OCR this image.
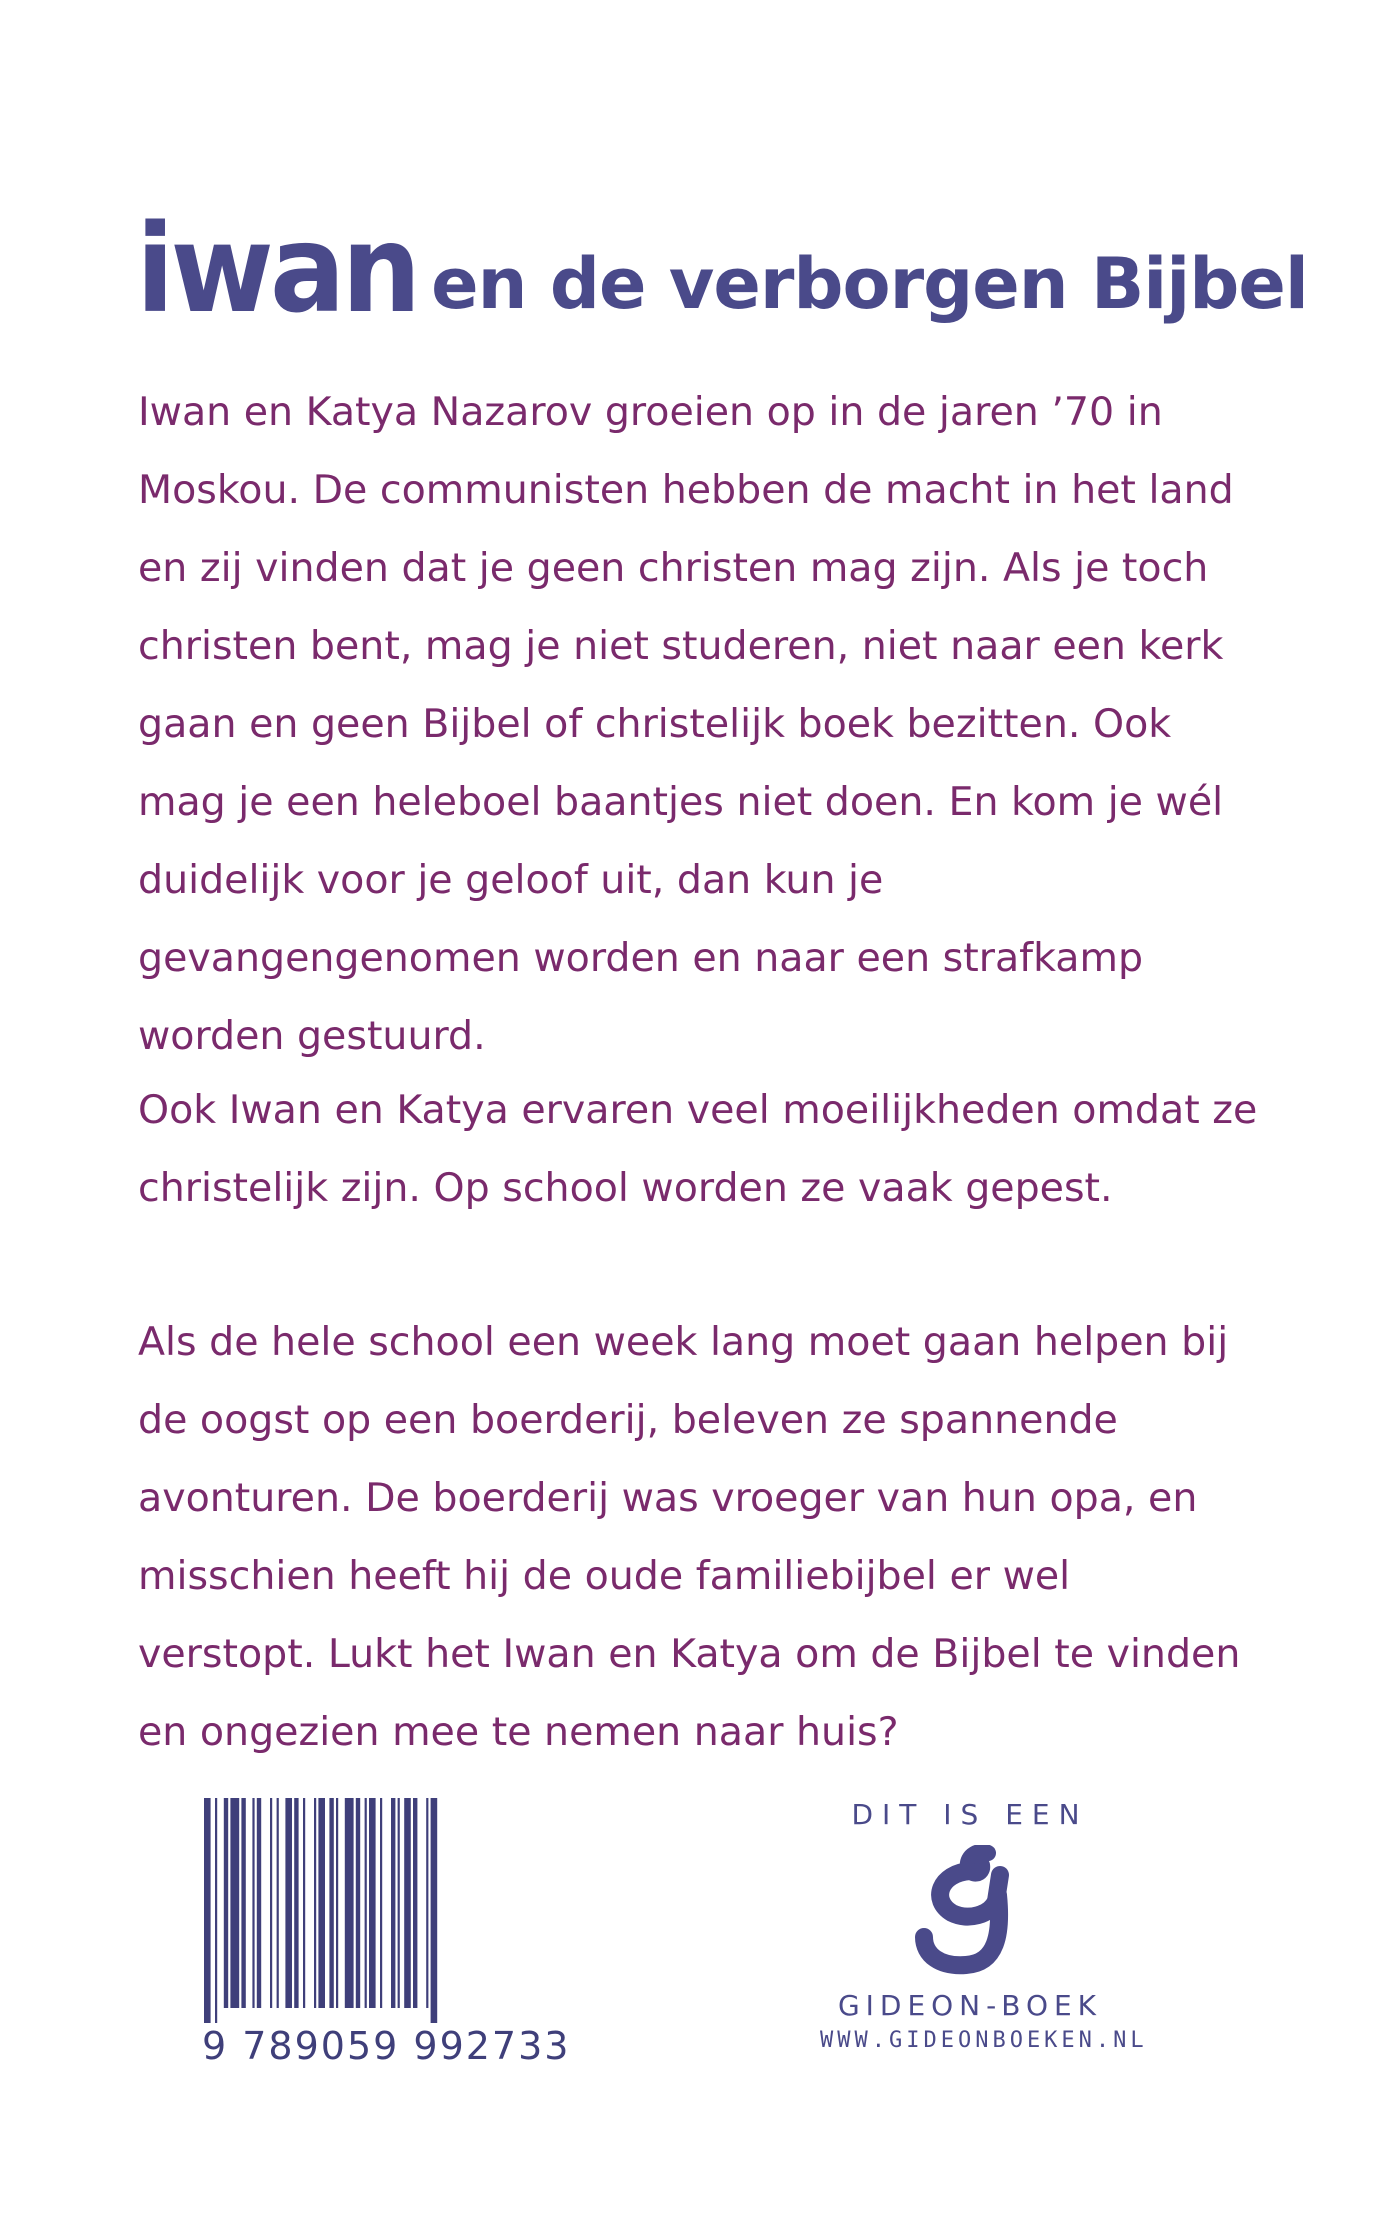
iwan en de verborgen Bijbel

Iwan en Katya Nazarov groeien op in de jaren ’70 in Moskou. De communisten hebben de macht in het land en zij vinden dat je geen christen mag zijn. Als je toch christen bent, mag je niet studeren, niet naar een kerk gaan en geen Bijbel of christelijk boek bezitten. Ook mag je een heleboel baantjes niet doen. En kom je wél duidelijk voor je geloof uit, dan kun je gevangengenomen worden en naar een strafkamp worden gestuurd.

Ook Iwan en Katya ervaren veel moeilijkheden omdat ze christelijk zijn. Op school worden ze vaak gepest.

Als de hele school een week lang moet gaan helpen bij de oogst op een boerderij, beleven ze spannende avonturen. De boerderij was vroeger van hun opa, en misschien heeft hij de oude familiebijbel er wel verstopt. Lukt het Iwan en Katya om de Bijbel te vinden en ongezien mee te nemen naar huis?

9 789059 992733
DIT IS EEN
GIDEON-BOEK
WWW.GIDEONBOEKEN.NL
